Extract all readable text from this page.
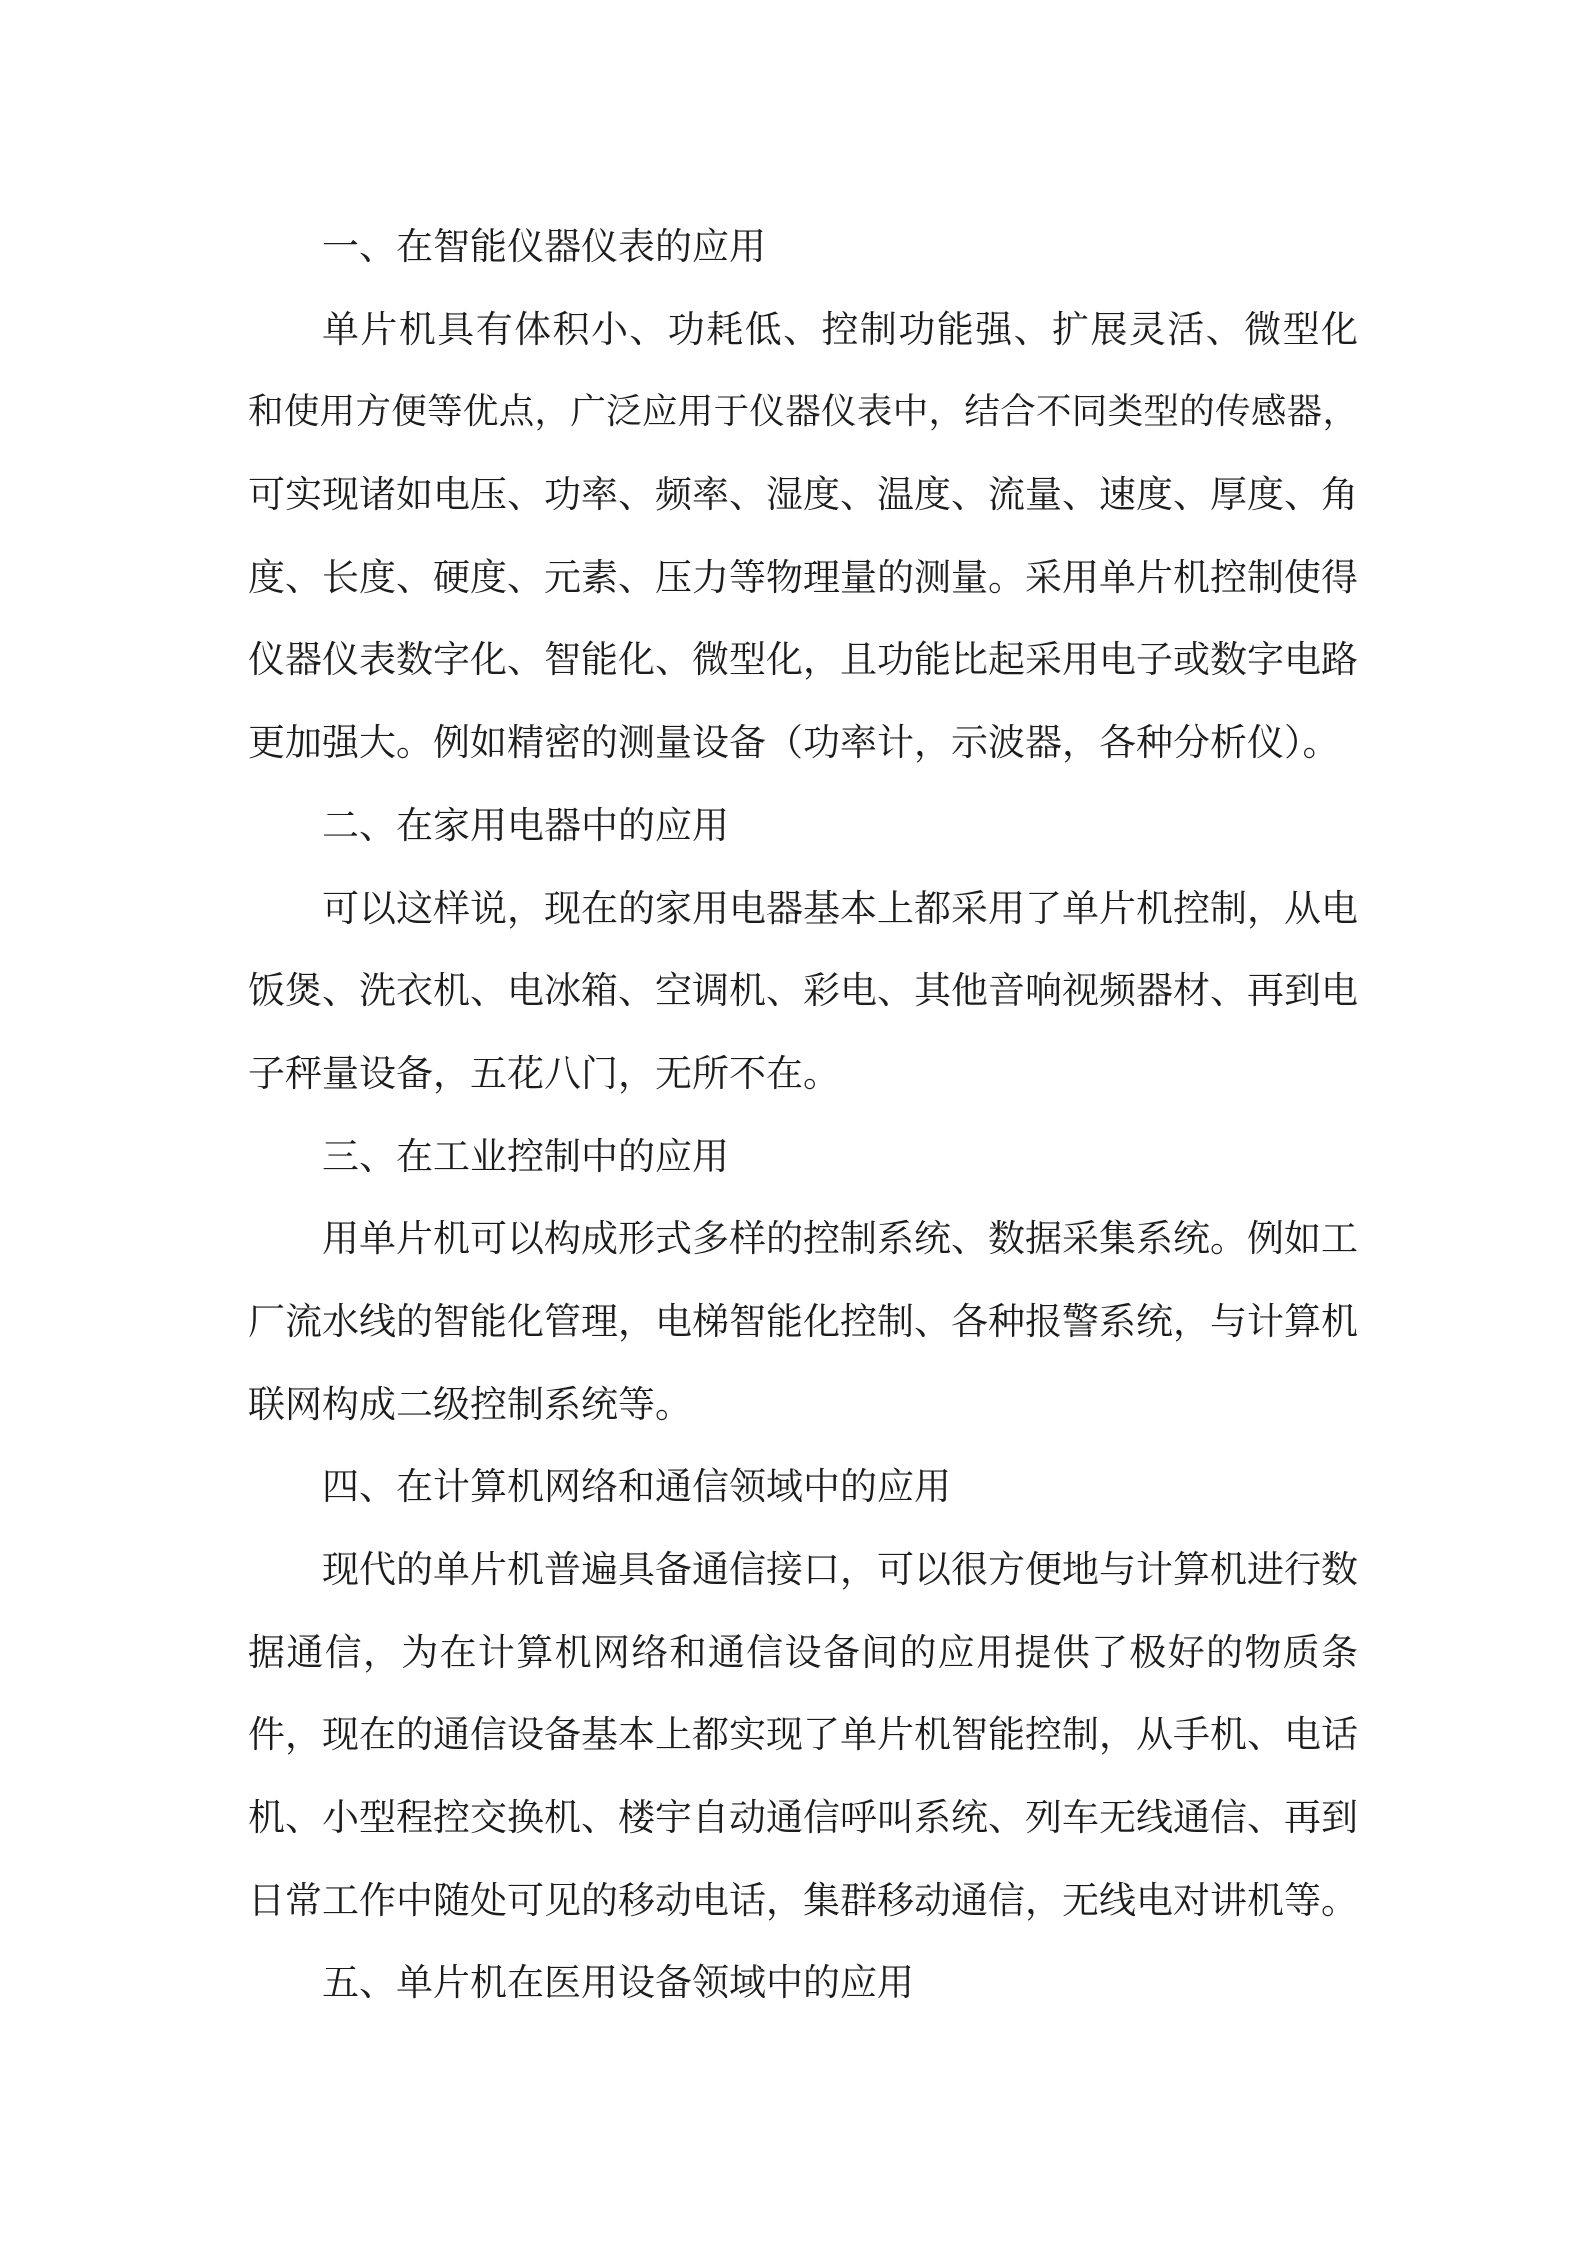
一、在智能仪器仪表的应用

单片机具有体积小、功耗低、控制功能强、扩展灵活、微型化

和使用方便等优点，广泛应用于仪器仪表中，结合不同类型的传感器，

可实现诸如电压、功率、频率、湿度、温度、流量、速度、厚度、角

度、长度、硬度、元素、压力等物理量的测量。采用单片机控制使得

仪器仪表数字化、智能化、微型化，且功能比起采用电子或数字电路

更加强大。例如精密的测量设备（功率计，示波器，各种分析仪）。

二、在家用电器中的应用

可以这样说，现在的家用电器基本上都采用了单片机控制，从电

饭煲、洗衣机、电冰箱、空调机、彩电、其他音响视频器材、再到电

子秤量设备，五花八门，无所不在。

三、在工业控制中的应用

用单片机可以构成形式多样的控制系统、数据采集系统。例如工

厂流水线的智能化管理，电梯智能化控制、各种报警系统，与计算机

联网构成二级控制系统等。

四、在计算机网络和通信领域中的应用

现代的单片机普遍具备通信接口，可以很方便地与计算机进行数

据通信，为在计算机网络和通信设备间的应用提供了极好的物质条

件，现在的通信设备基本上都实现了单片机智能控制，从手机、电话

机、小型程控交换机、楼宇自动通信呼叫系统、列车无线通信、再到

日常工作中随处可见的移动电话，集群移动通信，无线电对讲机等。

五、单片机在医用设备领域中的应用
